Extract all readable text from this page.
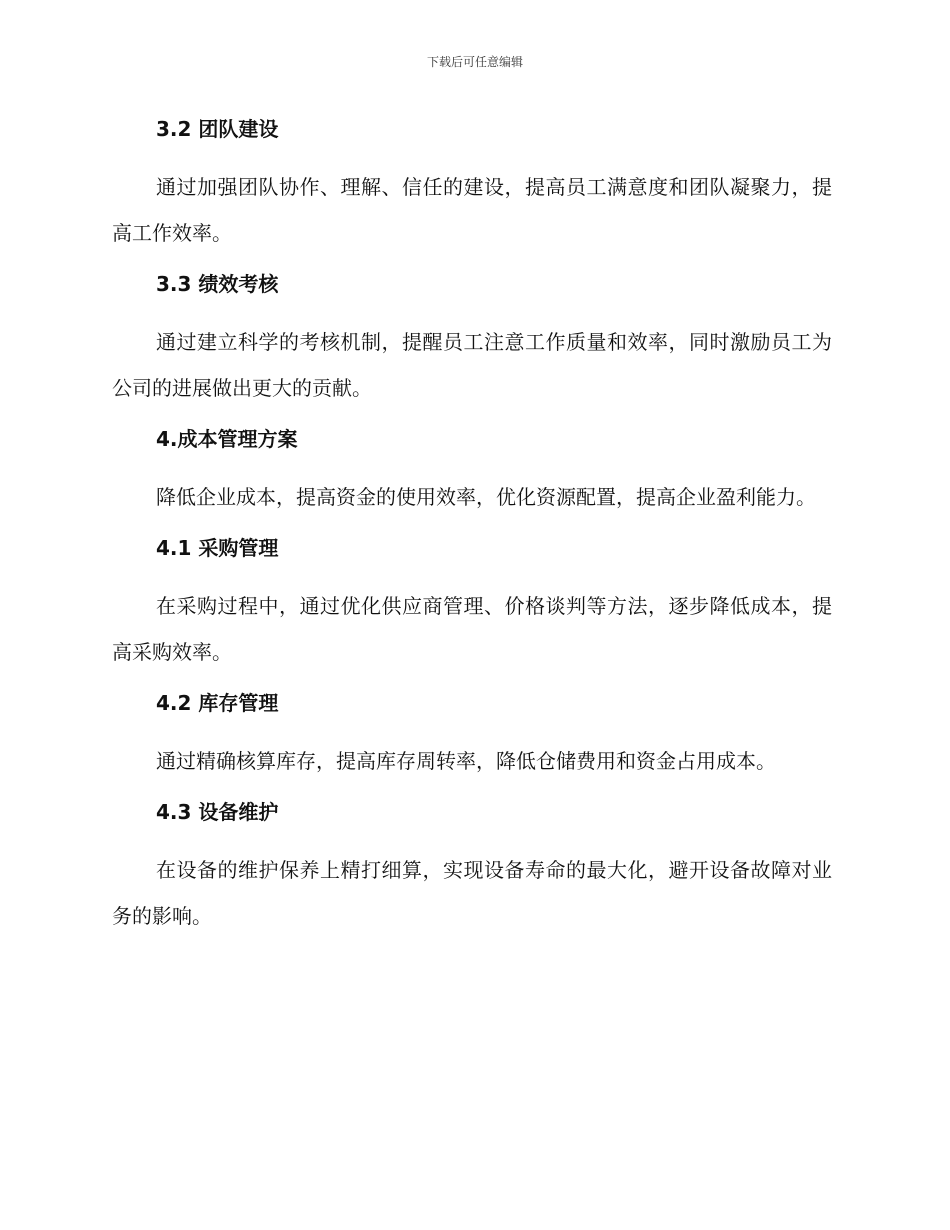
下载后可任意编辑
3.2 团队建设

通过加强团队协作、理解、信任的建设，提高员工满意度和团队凝聚力，提高工作效率。

3.3 绩效考核

通过建立科学的考核机制，提醒员工注意工作质量和效率，同时激励员工为公司的进展做出更大的贡献。

4.成本管理方案

降低企业成本，提高资金的使用效率，优化资源配置，提高企业盈利能力。

4.1 采购管理

在采购过程中，通过优化供应商管理、价格谈判等方法，逐步降低成本，提高采购效率。

4.2 库存管理

通过精确核算库存，提高库存周转率，降低仓储费用和资金占用成本。

4.3 设备维护

在设备的维护保养上精打细算，实现设备寿命的最大化，避开设备故障对业务的影响。
